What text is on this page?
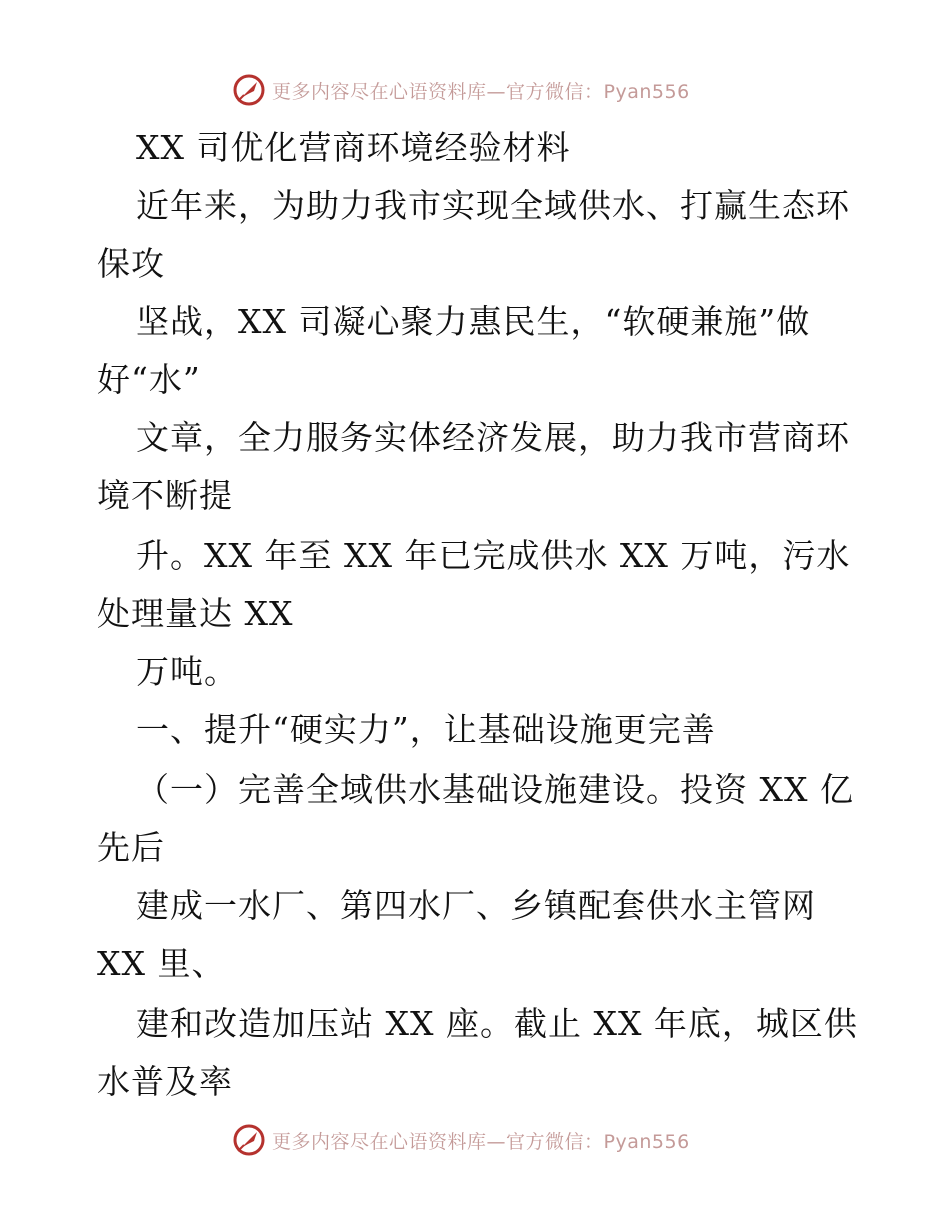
更多内容尽在心语资料库—官方微信：Pyan556
XX 司优化营商环境经验材料
近年来，为助力我市实现全域供水、打赢生态环
保攻
坚战，XX 司凝心聚力惠民生，“软硬兼施”做
好“水”
文章，全力服务实体经济发展，助力我市营商环
境不断提
升。XX 年至 XX 年已完成供水 XX 万吨，污水
处理量达 XX
万吨。
一、提升“硬实力”，让基础设施更完善
（一）完善全域供水基础设施建设。投资 XX 亿
先后
建成一水厂、第四水厂、乡镇配套供水主管网
XX 里、
建和改造加压站 XX 座。截止 XX 年底，城区供
水普及率
更多内容尽在心语资料库—官方微信：Pyan556
